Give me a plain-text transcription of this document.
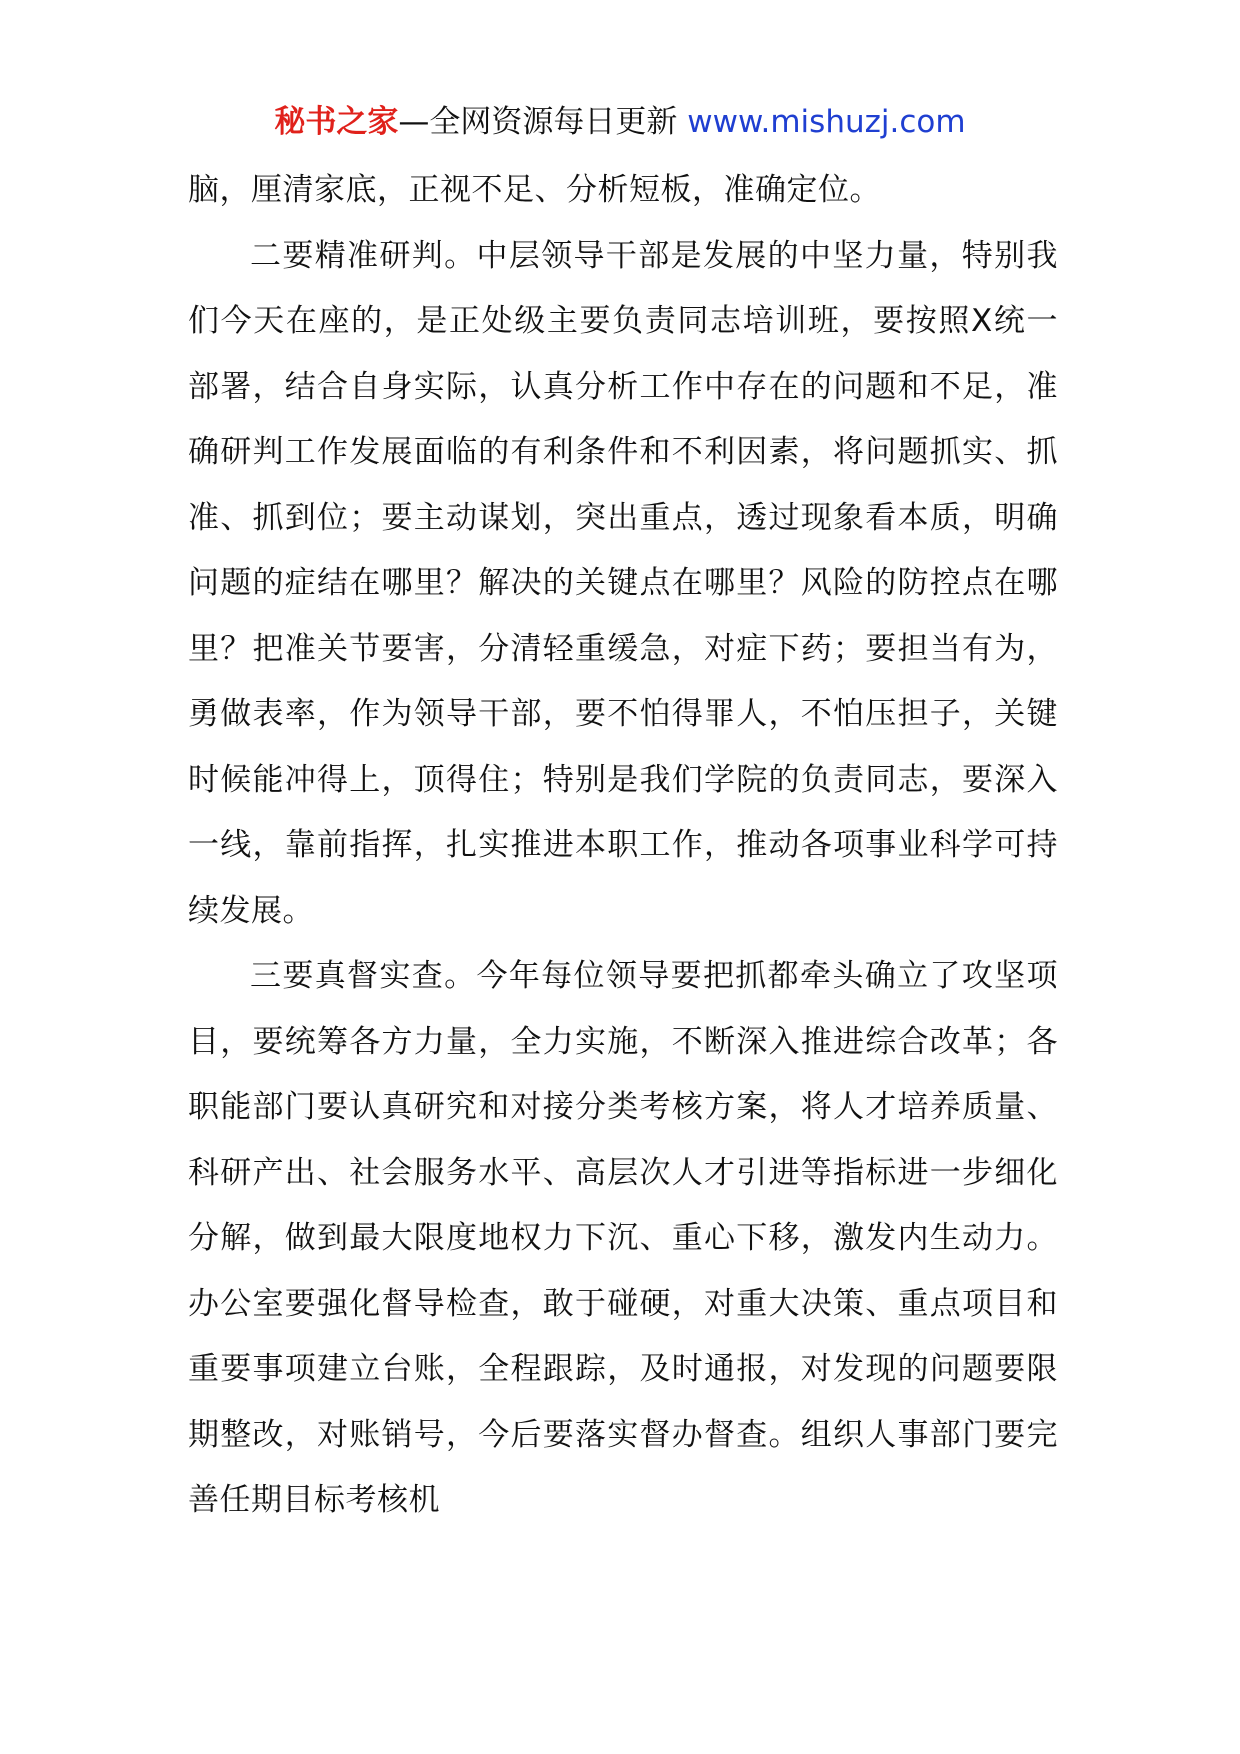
秘书之家—全网资源每日更新 www.mishuzj.com

脑，厘清家底，正视不足、分析短板，准确定位。

二要精准研判。中层领导干部是发展的中坚力量，特别我们今天在座的，是正处级主要负责同志培训班，要按照X统一部署，结合自身实际，认真分析工作中存在的问题和不足，准确研判工作发展面临的有利条件和不利因素，将问题抓实、抓准、抓到位；要主动谋划，突出重点，透过现象看本质，明确问题的症结在哪里？解决的关键点在哪里？风险的防控点在哪里？把准关节要害，分清轻重缓急，对症下药；要担当有为，勇做表率，作为领导干部，要不怕得罪人，不怕压担子，关键时候能冲得上，顶得住；特别是我们学院的负责同志，要深入一线，靠前指挥，扎实推进本职工作，推动各项事业科学可持续发展。

三要真督实查。今年每位领导要把抓都牵头确立了攻坚项目，要统筹各方力量，全力实施，不断深入推进综合改革；各职能部门要认真研究和对接分类考核方案，将人才培养质量、科研产出、社会服务水平、高层次人才引进等指标进一步细化分解，做到最大限度地权力下沉、重心下移，激发内生动力。办公室要强化督导检查，敢于碰硬，对重大决策、重点项目和重要事项建立台账，全程跟踪，及时通报，对发现的问题要限期整改，对账销号，今后要落实督办督查。组织人事部门要完善任期目标考核机
